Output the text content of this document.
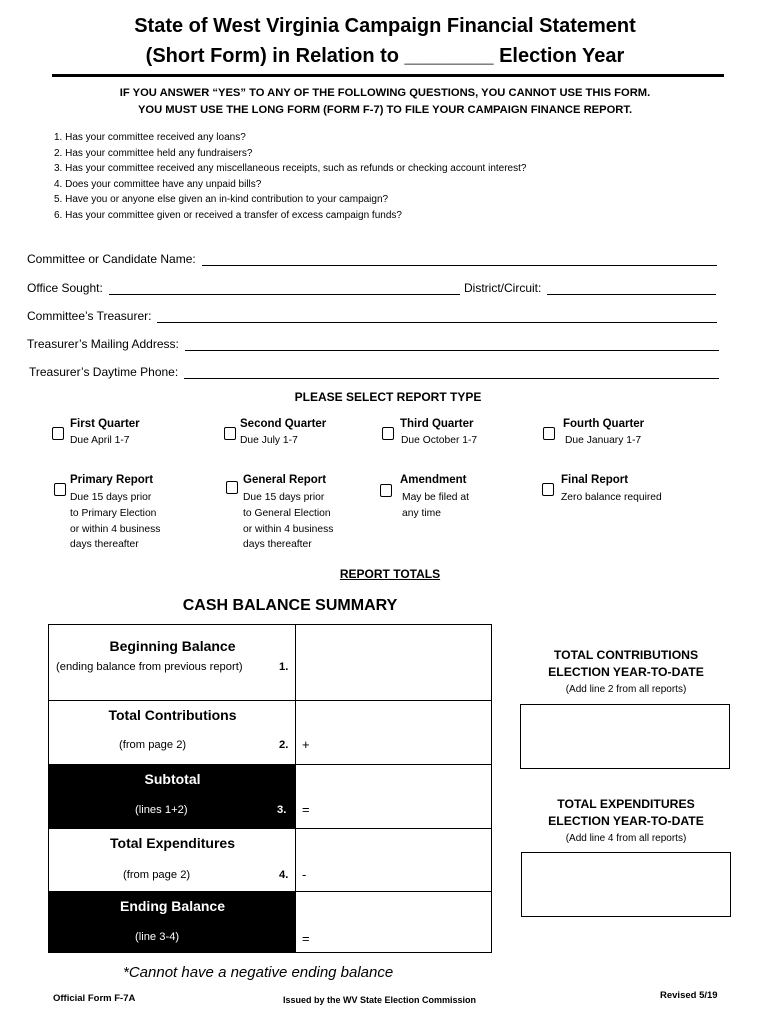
State of West Virginia Campaign Financial Statement
(Short Form) in Relation to ________ Election Year
IF YOU ANSWER “YES” TO ANY OF THE FOLLOWING QUESTIONS, YOU CANNOT USE THIS FORM.
YOU MUST USE THE LONG FORM (FORM F-7) TO FILE YOUR CAMPAIGN FINANCE REPORT.
1. Has your committee received any loans?
2. Has your committee held any fundraisers?
3. Has your committee received any miscellaneous receipts, such as refunds or checking account interest?
4. Does your committee have any unpaid bills?
5. Have you or anyone else given an in-kind contribution to your campaign?
6. Has your committee given or received a transfer of excess campaign funds?
Committee or Candidate Name:
Office Sought:	District/Circuit:
Committee’s Treasurer:
Treasurer’s Mailing Address:
Treasurer’s Daytime Phone:
PLEASE SELECT REPORT TYPE
First Quarter
Due April 1-7
Second Quarter
Due July 1-7
Third Quarter
Due October 1-7
Fourth Quarter
Due January 1-7
Primary Report
Due 15 days prior
to Primary Election
or within 4 business
days thereafter
General Report
Due 15 days prior
to General Election
or within 4 business
days thereafter
Amendment
May be filed at
any time
Final Report
Zero balance required
REPORT TOTALS
CASH BALANCE SUMMARY
Beginning Balance
(ending balance from previous report)	1.
Total Contributions
(from page 2)	2. +
Subtotal
(lines 1+2)	3. =
Total Expenditures
(from page 2)	4. -
Ending Balance
(line 3-4)	=
TOTAL CONTRIBUTIONS
ELECTION YEAR-TO-DATE
(Add line 2 from all reports)
TOTAL EXPENDITURES
ELECTION YEAR-TO-DATE
(Add line 4 from all reports)
*Cannot have a negative ending balance
Official Form F-7A	Issued by the WV State Election Commission	Revised 5/19
